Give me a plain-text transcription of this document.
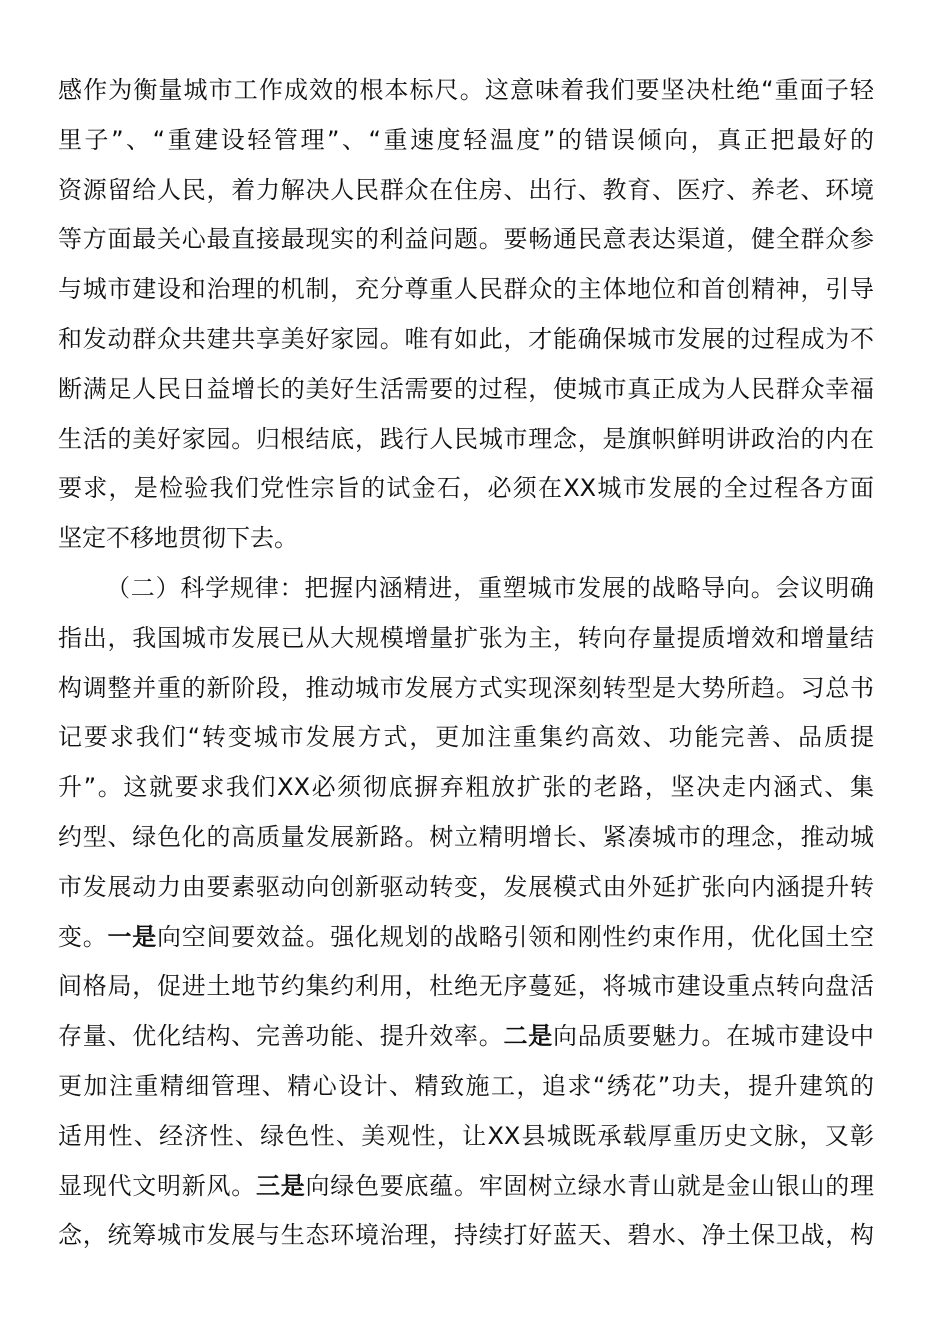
感作为衡量城市工作成效的根本标尺。这意味着我们要坚决杜绝“重面子轻
里子”、“重建设轻管理”、“重速度轻温度”的错误倾向，真正把最好的
资源留给人民，着力解决人民群众在住房、出行、教育、医疗、养老、环境
等方面最关心最直接最现实的利益问题。要畅通民意表达渠道，健全群众参
与城市建设和治理的机制，充分尊重人民群众的主体地位和首创精神，引导
和发动群众共建共享美好家园。唯有如此，才能确保城市发展的过程成为不
断满足人民日益增长的美好生活需要的过程，使城市真正成为人民群众幸福
生活的美好家园。归根结底，践行人民城市理念，是旗帜鲜明讲政治的内在
要求，是检验我们党性宗旨的试金石，必须在XX城市发展的全过程各方面
坚定不移地贯彻下去。
（二）科学规律：把握内涵精进，重塑城市发展的战略导向。会议明确
指出，我国城市发展已从大规模增量扩张为主，转向存量提质增效和增量结
构调整并重的新阶段，推动城市发展方式实现深刻转型是大势所趋。习总书
记要求我们“转变城市发展方式，更加注重集约高效、功能完善、品质提
升”。这就要求我们XX必须彻底摒弃粗放扩张的老路，坚决走内涵式、集
约型、绿色化的高质量发展新路。树立精明增长、紧凑城市的理念，推动城
市发展动力由要素驱动向创新驱动转变，发展模式由外延扩张向内涵提升转
变。一是向空间要效益。强化规划的战略引领和刚性约束作用，优化国土空
间格局，促进土地节约集约利用，杜绝无序蔓延，将城市建设重点转向盘活
存量、优化结构、完善功能、提升效率。二是向品质要魅力。在城市建设中
更加注重精细管理、精心设计、精致施工，追求“绣花”功夫，提升建筑的
适用性、经济性、绿色性、美观性，让XX县城既承载厚重历史文脉，又彰
显现代文明新风。三是向绿色要底蕴。牢固树立绿水青山就是金山银山的理
念，统筹城市发展与生态环境治理，持续打好蓝天、碧水、净土保卫战，构
